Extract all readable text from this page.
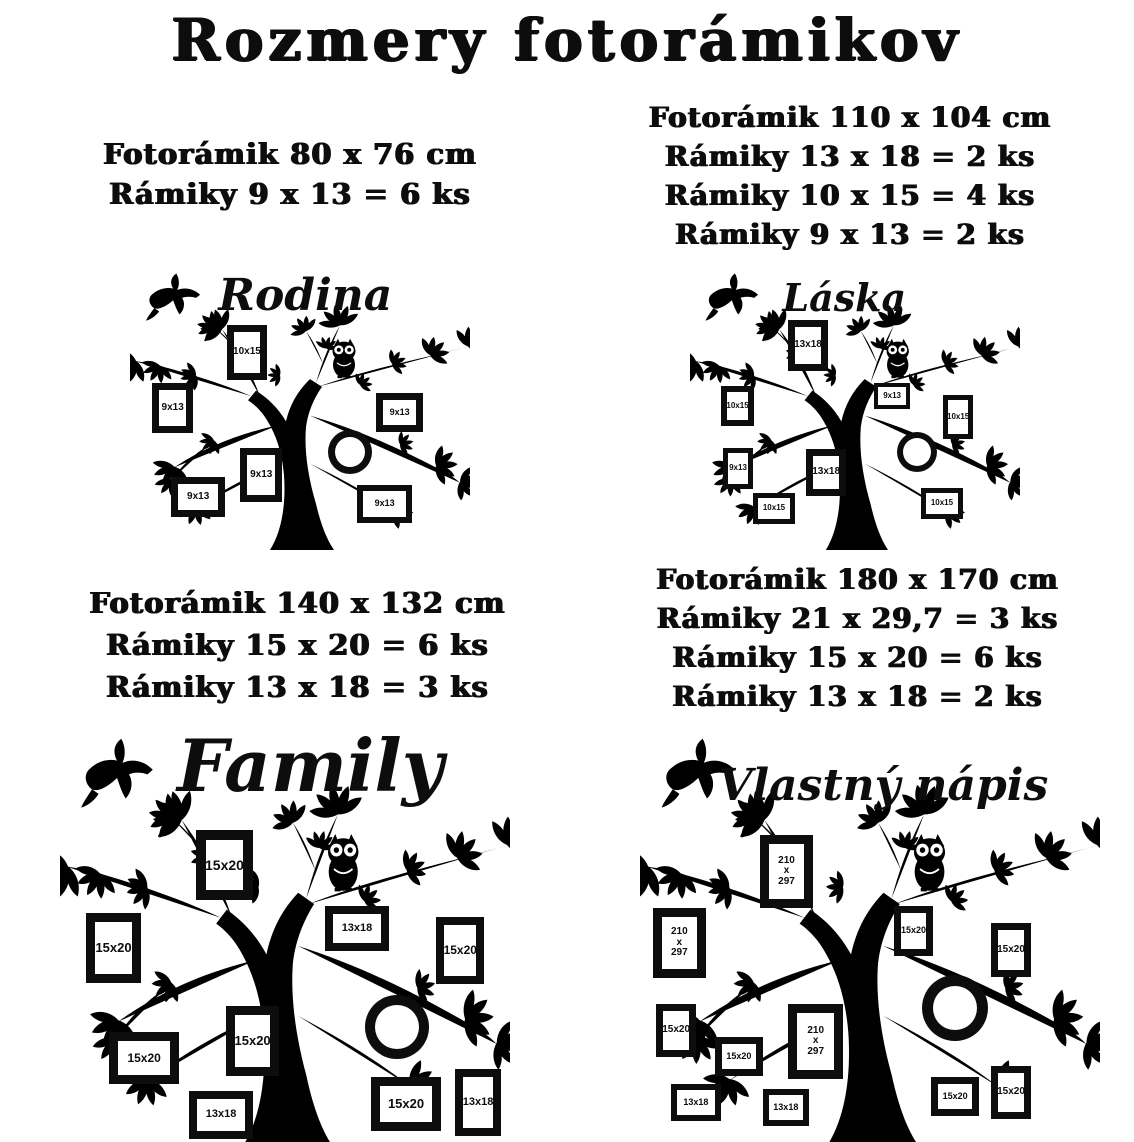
Rozmery fotorámikov
Fotorámik 80 x 76 cm
Rámiky 9 x 13 = 6 ks
Rodina
10x15
9x13	9x13
9x13
9x13
9x13
Fotorámik 110 x 104 cm
Rámiky 13 x 18 = 2 ks
Rámiky 10 x 15 = 4 ks
Rámiky 9 x 13 = 2 ks
Láska
13x18
10x15
9x13
10x15
9x13	13x18
10x15
10x15
Fotorámik 140 x 132 cm
Rámiky 15 x 20 = 6 ks
Rámiky 13 x 18 = 3 ks
Family
15x20
15x20
13x18
15x20
15x20
15x20
13x18
15x20	13x18
Fotorámik 180 x 170 cm
Rámiky 21 x 29,7 = 3 ks
Rámiky 15 x 20 = 6 ks
Rámiky 13 x 18 = 2 ks
Vlastný nápis
210
x
297
210
x
297
15x20
15x20
15x20
15x20
210
x
297
13x18
13x18
15x20	15x20
